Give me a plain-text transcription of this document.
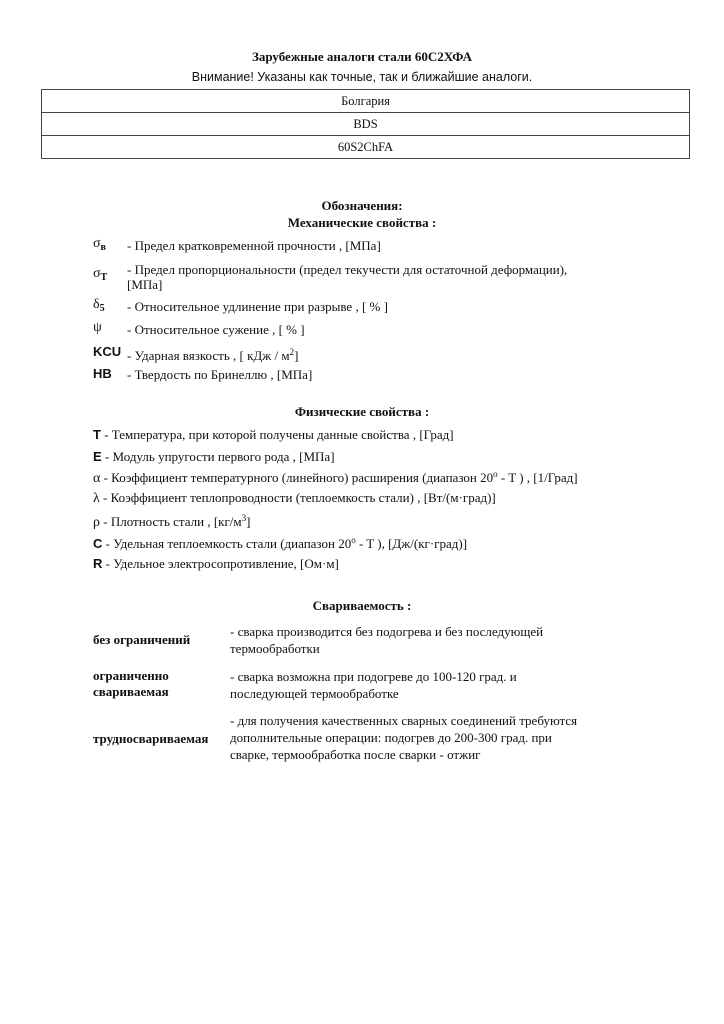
Зарубежные аналоги стали 60С2ХФА
Внимание! Указаны как точные, так и ближайшие аналоги.
Болгария
BDS
60S2ChFA
Обозначения:
Механические свойства :
$\sigma_в$ - Предел кратковременной прочности , [МПа]
$\sigma_T$
- Предел пропорциональности (предел текучести для остаточной деформации),
[МПа]
$\delta_5$ - Относительное удлинение при разрыве , [ % ]
ψ - Относительное сужение , [ % ]
KCU - Ударная вязкость , [ кДж / $м^2$]
HB - Твердость по Бринеллю , [МПа]
Физические свойства :
T - Температура, при которой получены данные свойства , [Град]
E - Модуль упругости первого рода , [МПа]
α - Коэффициент температурного (линейного) расширения (диапазон 20$^o$ - T ) , [1/Град]
λ - Коэффициент теплопроводности (теплоемкость стали) , [Вт/(м·град)]
ρ - Плотность стали , $[кг/м^3]$
C - Удельная теплоемкость стали (диапазон 20$^o$ - T ), [Дж/(кг·град)]
R - Удельное электросопротивление, [Ом·м]
Свариваемость :
без ограничений
- сварка производится без подогрева и без последующей
термообработки
ограниченно
свариваемая
- сварка возможна при подогреве до 100-120 град. и
последующей термообработке
трудносвариваемая
- для получения качественных сварных соединений требуются
дополнительные операции: подогрев до 200-300 град. при
сварке, термообработка после сварки - отжиг
